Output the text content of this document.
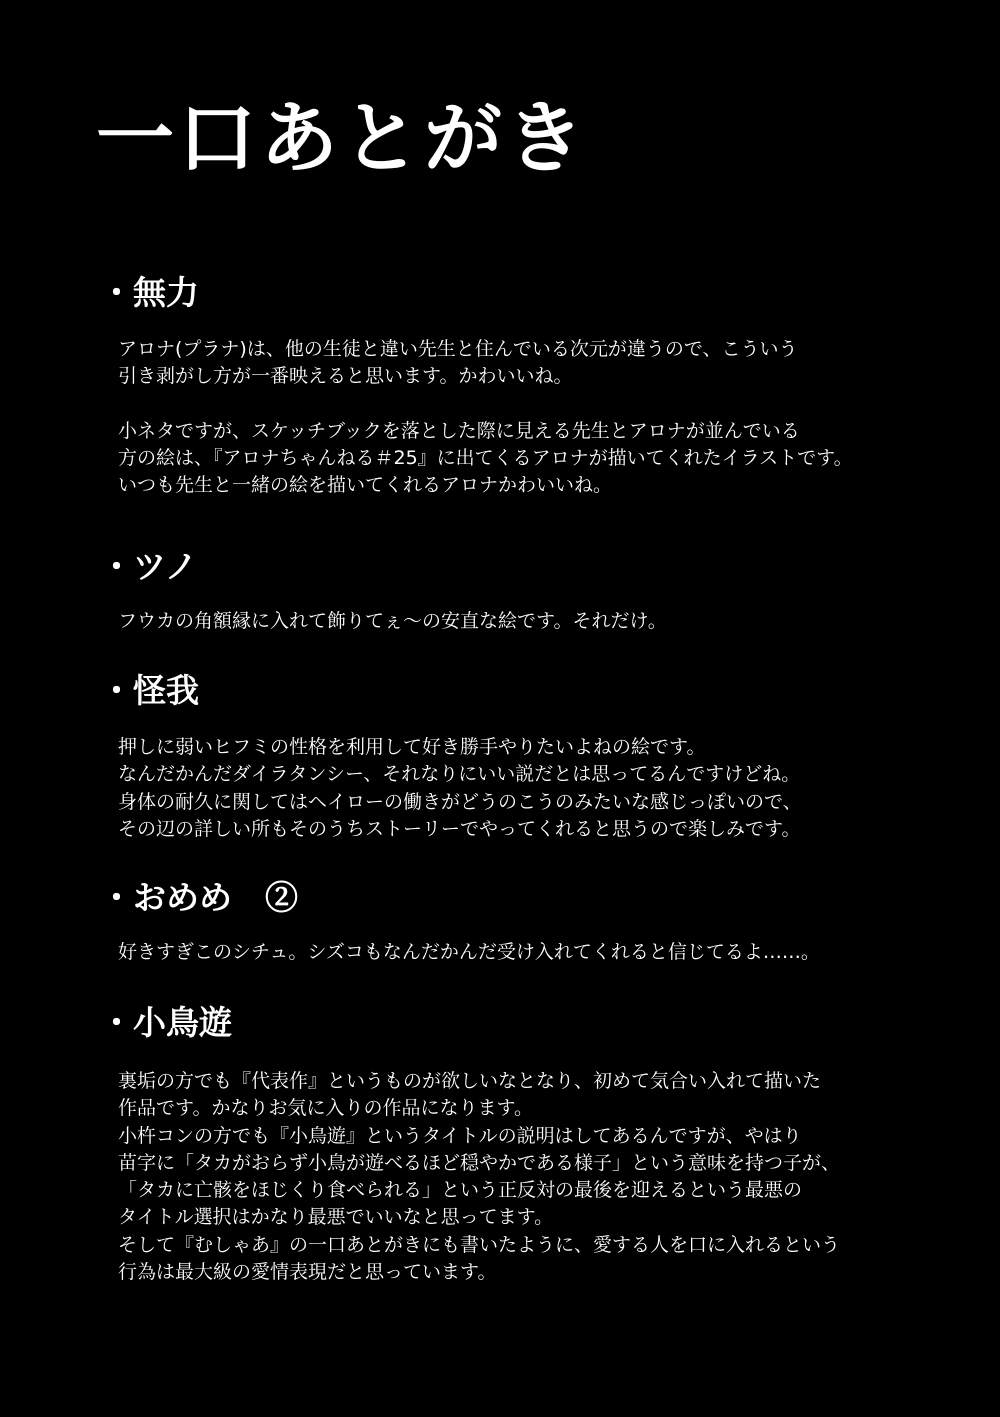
一口あとがき
・無力

アロナ(プラナ)は、他の生徒と違い先生と住んでいる次元が違うので、こういう
引き剥がし方が一番映えると思います。かわいいね。

小ネタですが、スケッチブックを落とした際に見える先生とアロナが並んでいる
方の絵は、『アロナちゃんねる＃25』に出てくるアロナが描いてくれたイラストです。
いつも先生と一緒の絵を描いてくれるアロナかわいいね。

・ツノ

フウカの角額縁に入れて飾りてぇ～の安直な絵です。それだけ。

・怪我

押しに弱いヒフミの性格を利用して好き勝手やりたいよねの絵です。
なんだかんだダイラタンシー、それなりにいい説だとは思ってるんですけどね。
身体の耐久に関してはヘイローの働きがどうのこうのみたいな感じっぽいので、
その辺の詳しい所もそのうちストーリーでやってくれると思うので楽しみです。

・おめめ　②

好きすぎこのシチュ。シズコもなんだかんだ受け入れてくれると信じてるよ……。

・小鳥遊

裏垢の方でも『代表作』というものが欲しいなとなり、初めて気合い入れて描いた
作品です。かなりお気に入りの作品になります。
小杵コンの方でも『小鳥遊』というタイトルの説明はしてあるんですが、やはり
苗字に「タカがおらず小鳥が遊べるほど穏やかである様子」という意味を持つ子が、
「タカに亡骸をほじくり食べられる」という正反対の最後を迎えるという最悪の
タイトル選択はかなり最悪でいいなと思ってます。
そして『むしゃあ』の一口あとがきにも書いたように、愛する人を口に入れるという
行為は最大級の愛情表現だと思っています。
